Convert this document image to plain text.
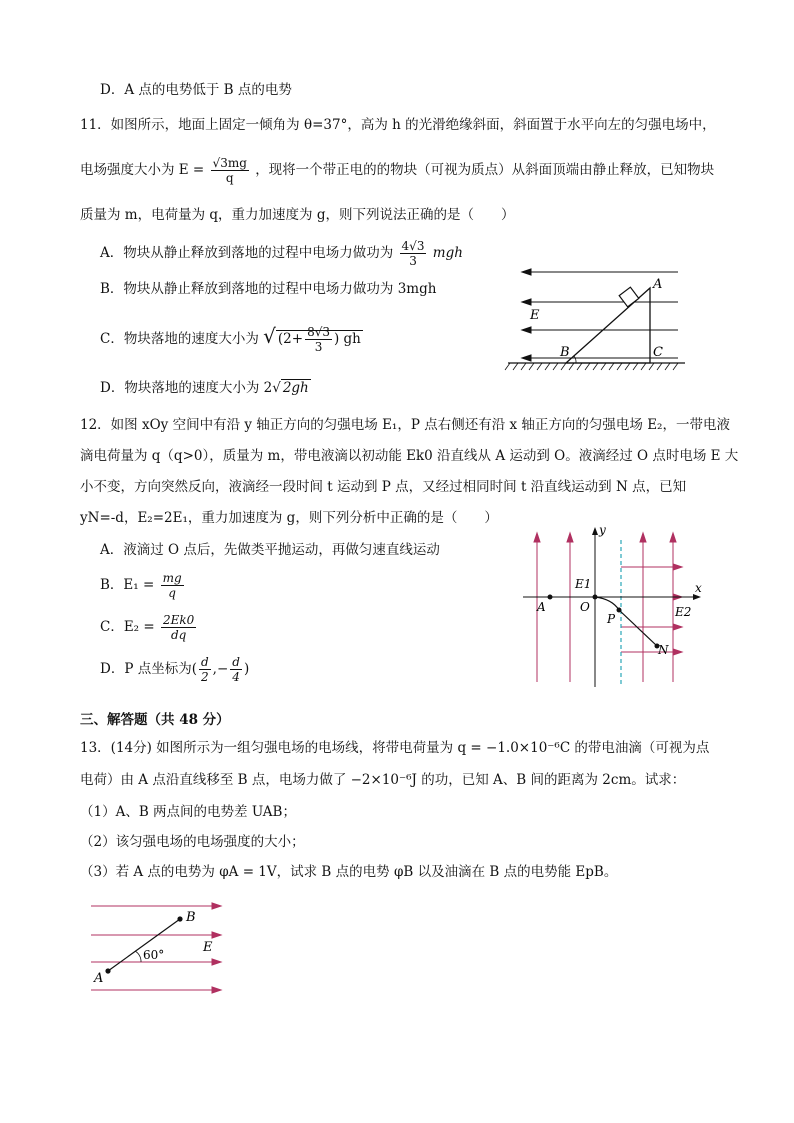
D．A 点的电势低于 B 点的电势
11．如图所示，地面上固定一倾角为 θ=37°，高为 h 的光滑绝缘斜面，斜面置于水平向左的匀强电场中，
电场强度大小为 $E = \frac{√3mg}{q}$ ，现将一个带正电的的物块（可视为质点）从斜面顶端由静止释放，已知物块
质量为 m，电荷量为 q，重力加速度为 g，则下列说法正确的是（　　）
A．物块从静止释放到落地的过程中电场力做功为 $\frac{4√3}{3}$ mgh
B．物块从静止释放到落地的过程中电场力做功为 3mgh
C．物块落地的速度大小为 √ ($2+ \frac{8√3}{3}$ ) gh
D．物块落地的速度大小为 2√ 2gh
A
E
B	C
12．如图 xOy 空间中有沿 y 轴正方向的匀强电场 E₁，P 点右侧还有沿 x 轴正方向的匀强电场 E₂，一带电液
滴电荷量为 q（q>0），质量为 m，带电液滴以初动能 Ek0 沿直线从 A 运动到 O。液滴经过 O 点时电场 E 大
小不变，方向突然反向，液滴经一段时间 t 运动到 P 点，又经过相同时间 t 沿直线运动到 N 点，已知
yN=-d，E₂=2E₁，重力加速度为 g，则下列分析中正确的是（　　）
A．液滴过 O 点后，先做类平抛运动，再做匀速直线运动
B．$E_1 = \frac{mg}{q}$
C．$E_2 = \frac{2Ek0}{dq}$
D．P 点坐标为( $\frac{d}{2}$ ,− $\frac{d}{4}$ )
y
x
E1
E2
A	O
P
N
三、解答题（共 48 分）
13．(14分) 如图所示为一组匀强电场的电场线，将带电荷量为 q = −1.0×10⁻⁶C 的带电油滴（可视为点
电荷）由 A 点沿直线移至 B 点，电场力做了 −2×10⁻⁶J 的功，已知 A、B 间的距离为 2cm。试求：
（1）A、B 两点间的电势差 UAB；
（2）该匀强电场的电场强度的大小；
（3）若 A 点的电势为 φA = 1V，试求 B 点的电势 φB 以及油滴在 B 点的电势能 EpB。
B
A
E
60°
